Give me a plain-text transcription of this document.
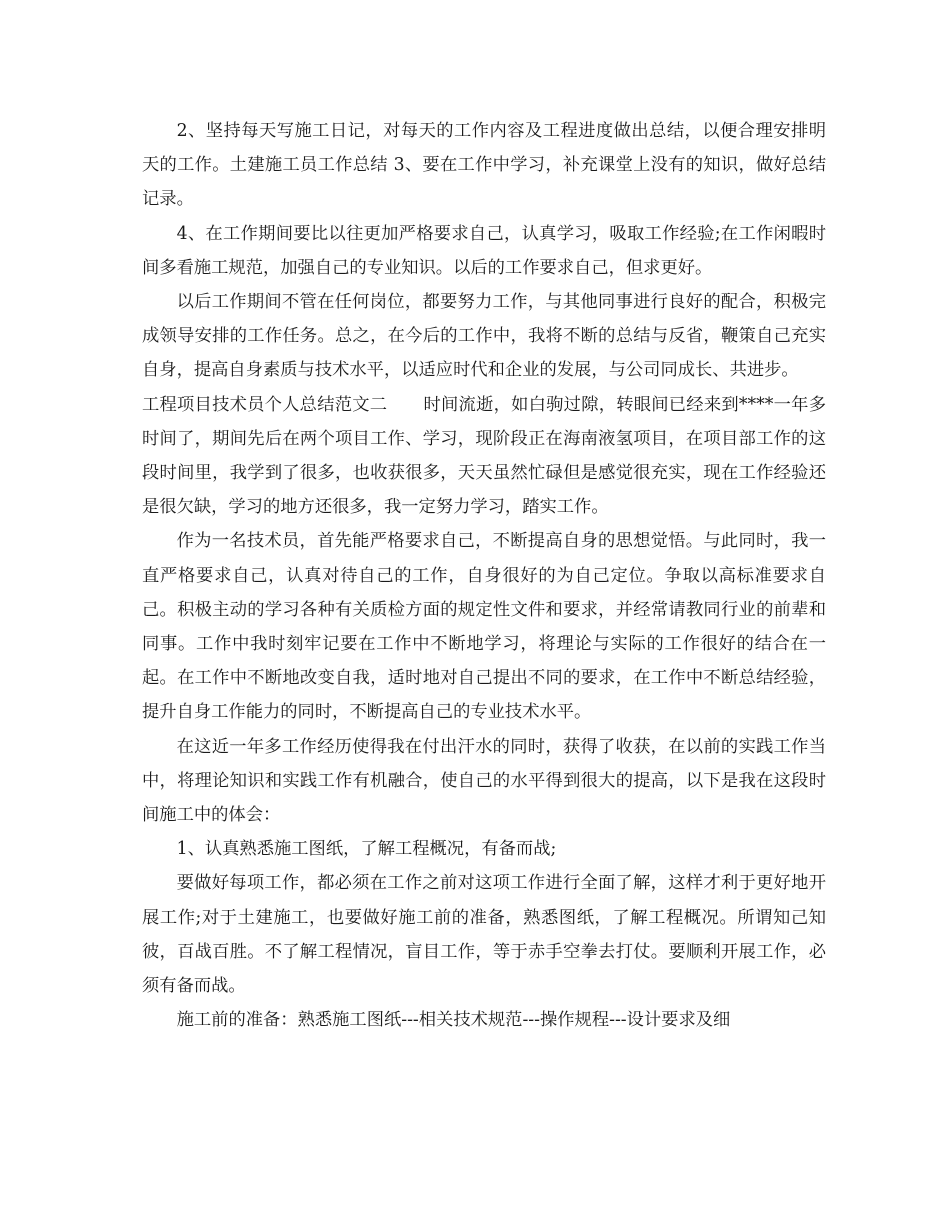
2、坚持每天写施工日记，对每天的工作内容及工程进度做出总结，以便合理安排明天的工作。土建施工员工作总结 3、要在工作中学习，补充课堂上没有的知识，做好总结记录。

4、在工作期间要比以往更加严格要求自己，认真学习，吸取工作经验;在工作闲暇时间多看施工规范，加强自己的专业知识。以后的工作要求自己，但求更好。

以后工作期间不管在任何岗位，都要努力工作，与其他同事进行良好的配合，积极完成领导安排的工作任务。总之，在今后的工作中，我将不断的总结与反省，鞭策自己充实自身，提高自身素质与技术水平，以适应时代和企业的发展，与公司同成长、共进步。

工程项目技术员个人总结范文二 时间流逝，如白驹过隙，转眼间已经来到****一年多时间了，期间先后在两个项目工作、学习，现阶段正在海南液氢项目，在项目部工作的这段时间里，我学到了很多，也收获很多，天天虽然忙碌但是感觉很充实，现在工作经验还是很欠缺，学习的地方还很多，我一定努力学习，踏实工作。

作为一名技术员，首先能严格要求自己，不断提高自身的思想觉悟。与此同时，我一直严格要求自己，认真对待自己的工作，自身很好的为自己定位。争取以高标准要求自己。积极主动的学习各种有关质检方面的规定性文件和要求，并经常请教同行业的前辈和同事。工作中我时刻牢记要在工作中不断地学习，将理论与实际的工作很好的结合在一起。在工作中不断地改变自我，适时地对自己提出不同的要求，在工作中不断总结经验，提升自身工作能力的同时，不断提高自己的专业技术水平。

在这近一年多工作经历使得我在付出汗水的同时，获得了收获，在以前的实践工作当中，将理论知识和实践工作有机融合，使自己的水平得到很大的提高，以下是我在这段时间施工中的体会：

1、认真熟悉施工图纸，了解工程概况，有备而战;

要做好每项工作，都必须在工作之前对这项工作进行全面了解，这样才利于更好地开展工作;对于土建施工，也要做好施工前的准备，熟悉图纸，了解工程概况。所谓知己知彼，百战百胜。不了解工程情况，盲目工作，等于赤手空拳去打仗。要顺利开展工作，必须有备而战。

施工前的准备：熟悉施工图纸---相关技术规范---操作规程---设计要求及细
